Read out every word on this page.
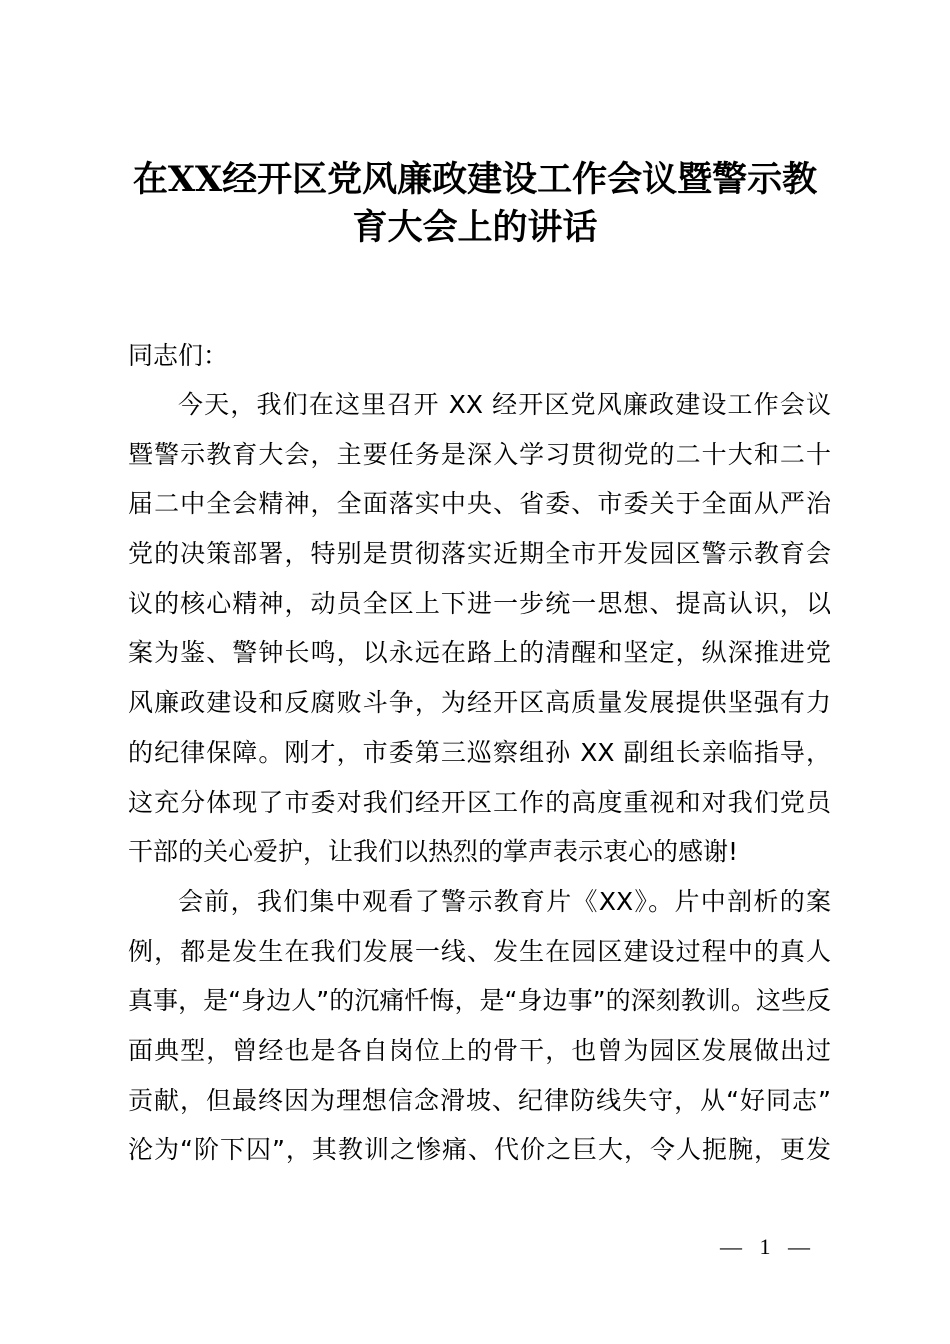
在XX经开区党风廉政建设工作会议暨警示教
育大会上的讲话
同志们：
今天，我们在这里召开 XX 经开区党风廉政建设工作会议
暨警示教育大会，主要任务是深入学习贯彻党的二十大和二十
届二中全会精神，全面落实中央、省委、市委关于全面从严治
党的决策部署，特别是贯彻落实近期全市开发园区警示教育会
议的核心精神，动员全区上下进一步统一思想、提高认识，以
案为鉴、警钟长鸣，以永远在路上的清醒和坚定，纵深推进党
风廉政建设和反腐败斗争，为经开区高质量发展提供坚强有力
的纪律保障。刚才，市委第三巡察组孙 XX 副组长亲临指导，
这充分体现了市委对我们经开区工作的高度重视和对我们党员
干部的关心爱护，让我们以热烈的掌声表示衷心的感谢!
会前，我们集中观看了警示教育片《XX》。片中剖析的案
例，都是发生在我们发展一线、发生在园区建设过程中的真人
真事，是“身边人”的沉痛忏悔，是“身边事”的深刻教训。这些反
面典型，曾经也是各自岗位上的骨干，也曾为园区发展做出过
贡献，但最终因为理想信念滑坡、纪律防线失守，从“好同志”
沦为“阶下囚”，其教训之惨痛、代价之巨大，令人扼腕，更发
— 1 —
